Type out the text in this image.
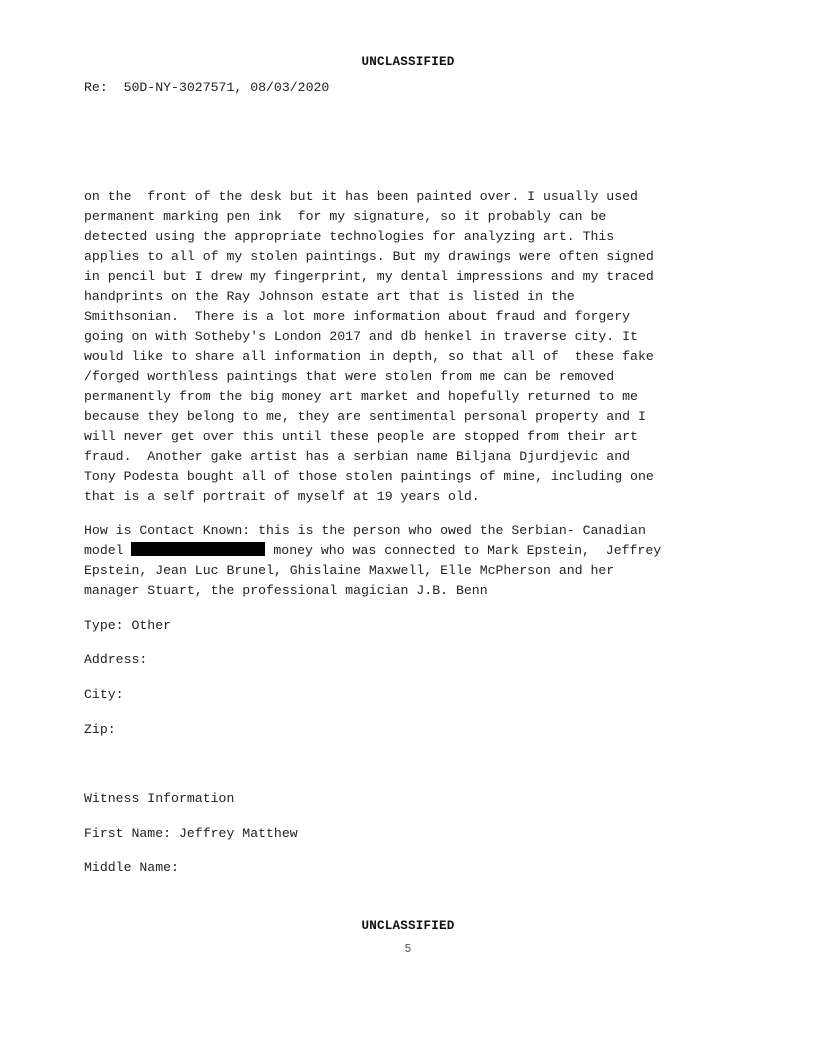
UNCLASSIFIED
Re:  50D-NY-3027571, 08/03/2020
on the  front of the desk but it has been painted over. I usually used
permanent marking pen ink  for my signature, so it probably can be
detected using the appropriate technologies for analyzing art. This
applies to all of my stolen paintings. But my drawings were often signed
in pencil but I drew my fingerprint, my dental impressions and my traced
handprints on the Ray Johnson estate art that is listed in the
Smithsonian.  There is a lot more information about fraud and forgery
going on with Sotheby's London 2017 and db henkel in traverse city. It
would like to share all information in depth, so that all of  these fake
/forged worthless paintings that were stolen from me can be removed
permanently from the big money art market and hopefully returned to me
because they belong to me, they are sentimental personal property and I
will never get over this until these people are stopped from their art
fraud.  Another gake artist has a serbian name Biljana Djurdjevic and
Tony Podesta bought all of those stolen paintings of mine, including one
that is a self portrait of myself at 19 years old.
How is Contact Known: this is the person who owed the Serbian- Canadian
model	money who was connected to Mark Epstein,  Jeffrey
Epstein, Jean Luc Brunel, Ghislaine Maxwell, Elle McPherson and her
manager Stuart, the professional magician J.B. Benn
Type: Other
Address:
City:
Zip:
Witness Information
First Name: Jeffrey Matthew
Middle Name:
UNCLASSIFIED
5
